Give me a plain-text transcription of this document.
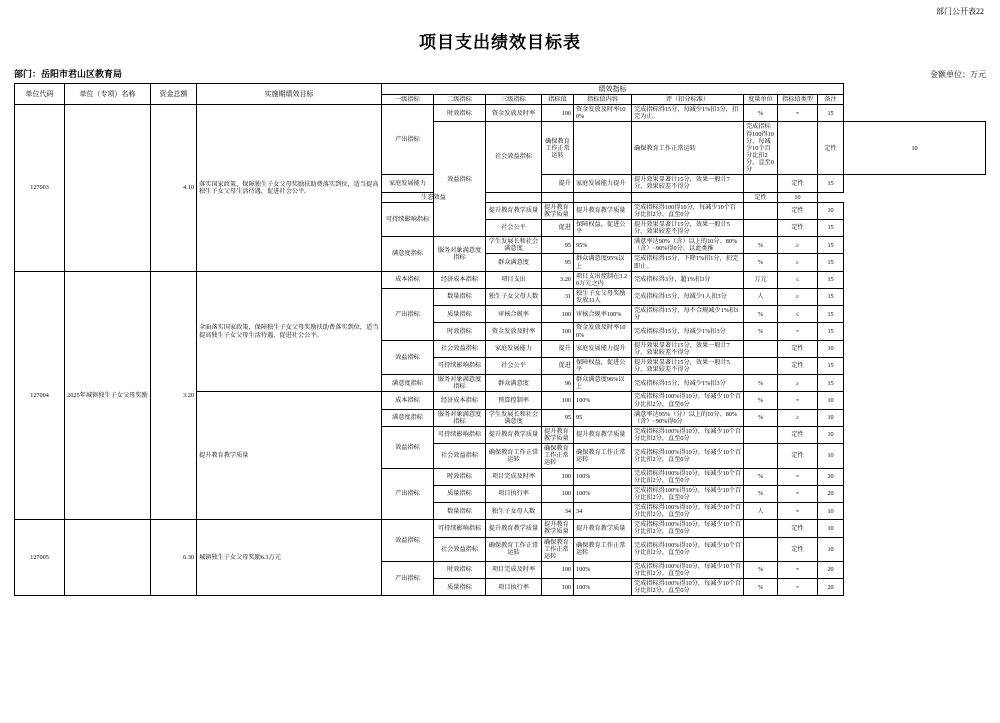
部门公开表22
项目支出绩效目标表
部门：岳阳市君山区教育局	金额单位：万元
单位代码	单位（专项）名称	资金总额	实施期绩效目标	绩效指标									
				一级指标	二级指标	三级指标	指标值	指标值内容	评（扣分标准）	度量单位	指标值类型	备注	
127003		4.10	落实国家政策，保障独生子女父母奖励扶助费落实到位，适当提高独生子女父母生活待遇，促进社会公平。	产出指标	时效指标	资金发放及时率	100	资金发放及时率100%	完成指标得15分，每减少1%扣3分，扣完为止。	%	=	15	
					效益指标	社会效益指标	确保教育工作正常运转		确保教育工作正常运转	完成指标得100得10分，每减少10个百分比扣2分，直至0分		定性	10
				家庭发展能力			提升	家庭发展能力提升	提升效果显著计15分，效果一般计7分，效果较差不得分		定性	15	
				生态效益						定性	10		
				可持续影响指标		提升教育教学质量	提升教育教学质量	提升教育教学质量	完成指标得100得10分，每减少10个百分比扣2分，直至0分		定性	10	
						社会公平	促进	保障权益，促进公平	提升效果显著计15分，效果一般计5分，效果较差不得分		定性	15	
				满意度指标	服务对象满意度指标	学生发展长和社会满意度	95	95%	满意率达90%（含）以上的10分、80%（含）~90%得0分、以此类推	%	≥	15	
						群众满意度	95	群众满意度95%以上	完成指标得15分，下降1%扣1分，扣完即止。	%	≥	15	
127004	2025年城镇独生子女父母奖励	3.20	全面落实国家政策，保障独生子女父母奖励扶助费落实到位，适当提高独生子女父母生活待遇，促进社会公平。	成本指标	经济成本指标	项目支出	3.20	项目支出控制在3.20万元之内	完成指标得3分，超1%扣3分	万元	≤	15	
				产出指标	数量指标	独生子女父母人数	31	独生子女父母奖励发放31人	完成指标得15分，每减少1人扣3分	人	≥	15	
					质量指标	审核合规率	100	审核合规率100%	完成指标得15分，每不合规减少1%扣3分	%	≤	15	
					时效指标	资金发放及时率	100	资金发放及时率100%	完成指标得15分，每减少1%扣3分	%	=	15	
				效益指标	社会效益指标	家庭发展能力	提升	家庭发展能力提升	提升效果显著计15分，效果一般计7分，效果较差不得分		定性	10	
					可持续影响指标	社会公平	促进	保障权益，促进公平	提升效果显著计15分，效果一般计5分，效果较差不得分		定性	15	
				满意度指标	服务对象满意度指标	群众满意度	96	群众满意度96%以上	完成指标得15分，每减少1%扣3分	%	≥	15	
			提升教育教学质量	成本指标	经济成本指标	预算控制率	100	100%	完成指标得100%得10分，每减少10个百分比扣2分，直至0分	%	=	10	
				满意度指标	服务对象满意度指标	学生发展长和社会满意度	95	95	满意率达95%（分）以上的10分、80%（含）~90%得0分	%	≥	10	
				效益指标	可持续影响指标	提升教育教学质量	提升教育教学质量	提升教育教学质量	完成指标得100%得10分，每减少10个百分比扣2分，直至0分		定性	10	
					社会效益指标	确保教育工作正常运转	确保教育工作正常运转	确保教育工作正常运转	完成指标得100%得10分，每减少10个百分比扣2分，直至0分		定性	10	
				产出指标	时效指标	项目完成及时率	100	100%	完成指标得100%得10分，每减少10个百分比扣2分，直至0分	%	=	20	
					质量指标	项目执行率	100	100%	完成指标得100%得10分，每减少10个百分比扣2分，直至0分	%	=	20	
					数量指标	独生子女母人数	34	34	完成指标得100%得10分，每减少10个百分比扣2分，直至0分	人	=	10	
127005		6.30	城镇独生子女父母奖励6.3万元	效益指标	可持续影响指标	提升教育教学质量	提升教育教学质量	提升教育教学质量	完成指标得100%得10分，每减少10个百分比扣2分，直至0分		定性	10	
					社会效益指标	确保教育工作正常运转	确保教育工作正常运转	确保教育工作正常运转	完成指标得100%得10分，每减少10个百分比扣2分，直至0分		定性	10	
				产出指标	时效指标	项目完成及时率	100	100%	完成指标得100%得10分，每减少10个百分比扣2分，直至0分	%	=	20	
					质量指标	项目执行率	100	100%	完成指标得100%得10分，每减少10个百分比扣2分，直至0分	%	=	20	
